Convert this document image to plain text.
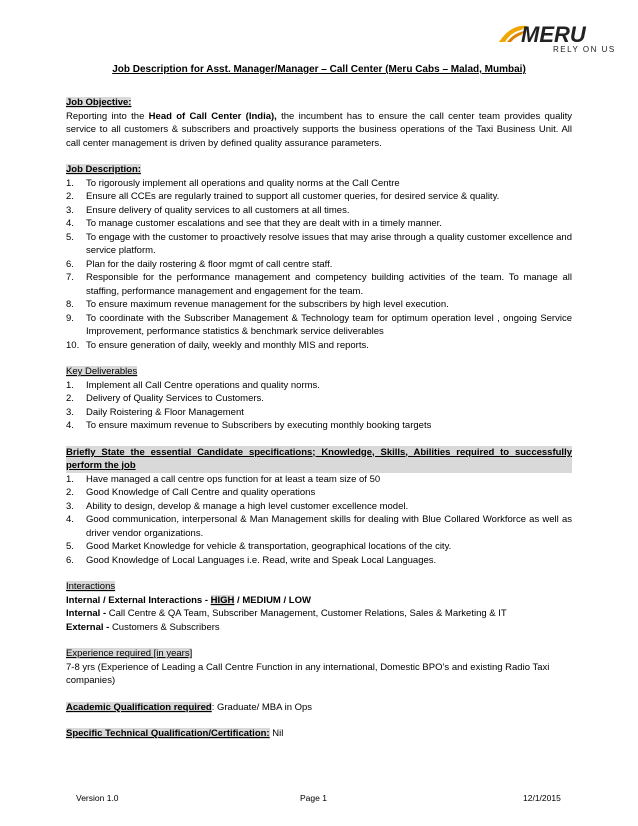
MERU
RELY ON US
Job Description for Asst. Manager/Manager – Call Center (Meru Cabs – Malad, Mumbai)

Job Objective:

Reporting into the Head of Call Center (India), the incumbent has to ensure the call center team provides quality service to all customers & subscribers and proactively supports the business operations of the Taxi Business Unit. All call center management is driven by defined quality assurance parameters.

Job Description:

1. To rigorously implement all operations and quality norms at the Call Centre
2. Ensure all CCEs are regularly trained to support all customer queries, for desired service & quality.
3. Ensure delivery of quality services to all customers at all times.
4. To manage customer escalations and see that they are dealt with in a timely manner.
5. To engage with the customer to proactively resolve issues that may arise through a quality customer excellence and service platform.
6. Plan for the daily rostering & floor mgmt of call centre staff.
7. Responsible for the performance management and competency building activities of the team. To manage all staffing, performance management and engagement for the team.
8. To ensure maximum revenue management for the subscribers by high level execution.
9. To coordinate with the Subscriber Management & Technology team for optimum operation level , ongoing Service Improvement, performance statistics & benchmark service deliverables
10. To ensure generation of daily, weekly and monthly MIS and reports.

Key Deliverables

1. Implement all Call Centre operations and quality norms.
2. Delivery of Quality Services to Customers.
3. Daily Roistering & Floor Management
4. To ensure maximum revenue to Subscribers by executing monthly booking targets

Briefly State the essential Candidate specifications; Knowledge, Skills, Abilities required to successfully perform the job

1. Have managed a call centre ops function for at least a team size of 50
2. Good Knowledge of Call Centre and quality operations
3. Ability to design, develop & manage a high level customer excellence model.
4. Good communication, interpersonal & Man Management skills for dealing with Blue Collared Workforce as well as driver vendor organizations.
5. Good Market Knowledge for vehicle & transportation, geographical locations of the city.
6. Good Knowledge of Local Languages i.e. Read, write and Speak Local Languages.

Interactions

Internal / External Interactions - HIGH / MEDIUM / LOW

Internal - Call Centre & QA Team, Subscriber Management, Customer Relations, Sales & Marketing & IT

External - Customers & Subscribers

Experience required [in years]

7-8 yrs (Experience of Leading a Call Centre Function in any international, Domestic BPO’s and existing Radio Taxi companies)

Academic Qualification required: Graduate/ MBA in Ops

Specific Technical Qualification/Certification: Nil

Version 1.0	Page 1	12/1/2015
